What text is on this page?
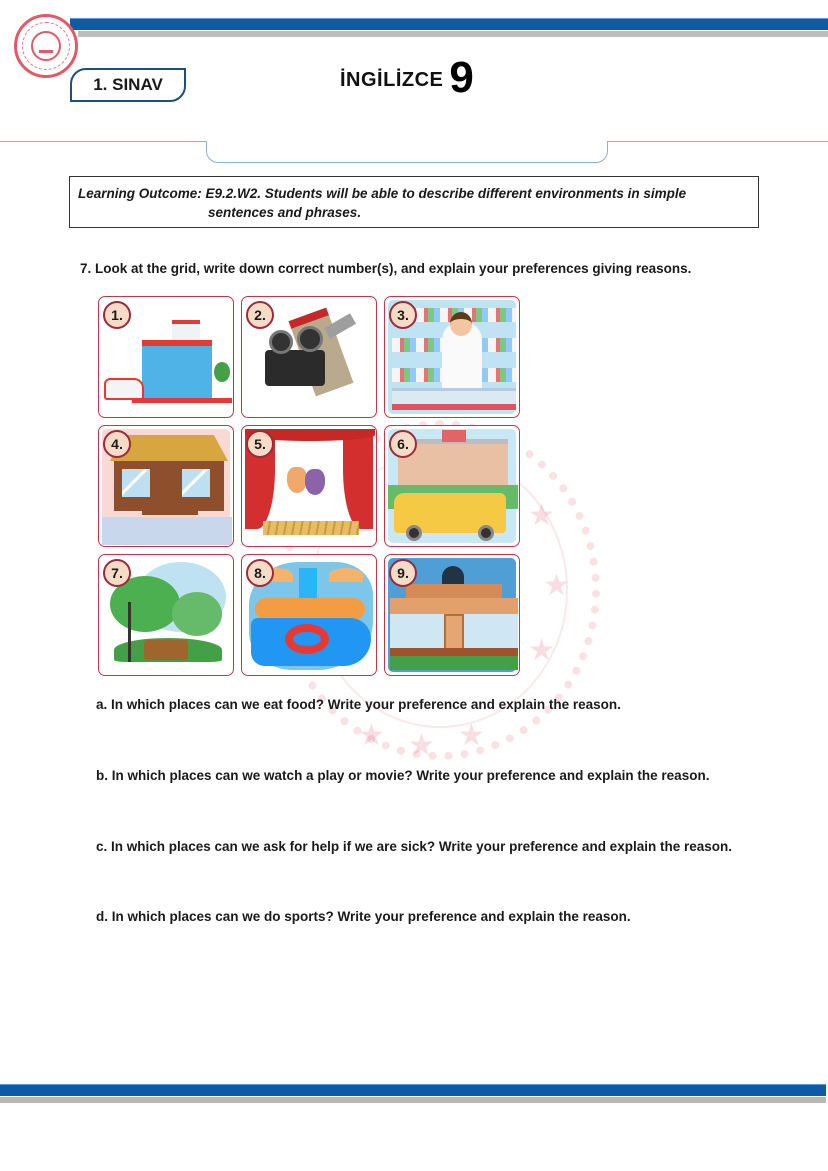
1. SINAV	İNGİLİZCE 9
★
★
★
★ ★ ★
Learning Outcome: E9.2.W2. Students will be able to describe different environments in simple
sentences and phrases.
7. Look at the grid, write down correct number(s), and explain your preferences giving reasons.
1.	2.	3.
4.	5.	6.
7.	8.	9.
a. In which places can we eat food? Write your preference and explain the reason.
b. In which places can we watch a play or movie? Write your preference and explain the reason.
c. In which places can we ask for help if we are sick? Write your preference and explain the reason.
d. In which places can we do sports? Write your preference and explain the reason.
